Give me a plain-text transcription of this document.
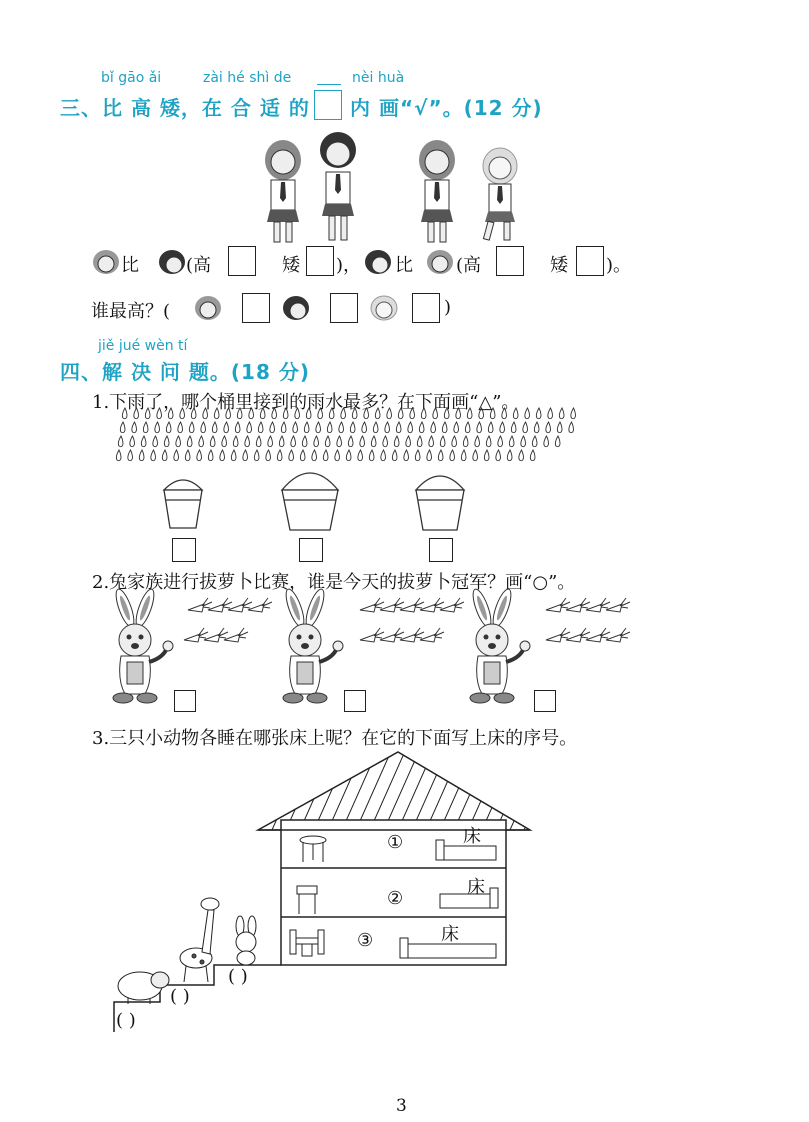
bǐ gāo ǎi	zài hé shì de	nèi huà
三、比 高 矮，在 合 适 的 内 画“√”。(12 分)
比	(高	矮 )， 比 (高	矮 )。
谁最高？(	)
jiě jué wèn tí
四、解 决 问 题。(18 分)
1.下雨了，哪个桶里接到的雨水最多？在下面画“△”。
2.兔家族进行拔萝卜比赛，谁是今天的拔萝卜冠军？画“○”。
3.三只小动物各睡在哪张床上呢？在它的下面写上床的序号。
①	床
②
床
③	床
( )
( )
( )
3
